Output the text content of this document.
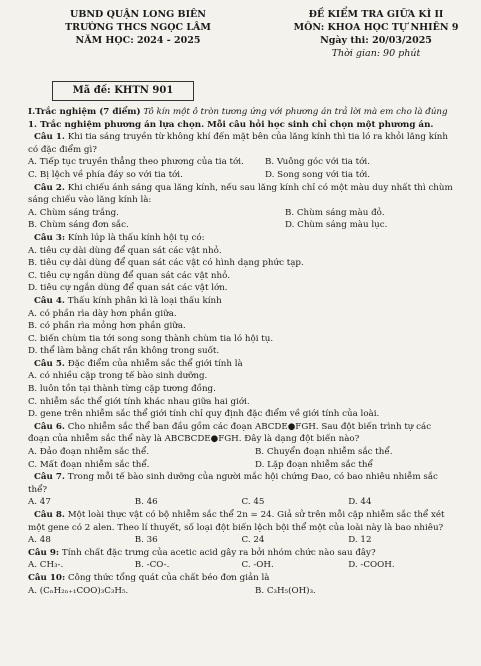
UBND QUẬN LONG BIÊN
TRƯỜNG THCS NGỌC LÂM
NĂM HỌC: 2024 - 2025
ĐỀ KIỂM TRA GIỮA KÌ II
MÔN: KHOA HỌC TỰ NHIÊN 9
Ngày thi: 20/03/2025
Thời gian: 90 phút
Mã đề: KHTN 901
I.Trắc nghiệm (7 điểm) Tô kín một ô tròn tương ứng với phương án trả lời mà em cho là đúng
1. Trắc nghiệm phương án lựa chọn. Mỗi câu hỏi học sinh chỉ chọn một phương án.
Câu 1. Khi tia sáng truyền từ không khí đến mặt bên của lăng kính thì tia ló ra khỏi lăng kính có đặc điểm gì?
A. Tiếp tục truyền thẳng theo phương của tia tới.	B. Vuông góc với tia tới.
C. Bị lệch về phía đáy so với tia tới.	D. Song song với tia tới.
Câu 2. Khi chiếu ánh sáng qua lăng kính, nếu sau lăng kính chỉ có một màu duy nhất thì chùm sáng chiếu vào lăng kính là:
A. Chùm sáng trắng.	B. Chùm sáng màu đỏ.
B. Chùm sáng đơn sắc.	D. Chùm sáng màu lục.
Câu 3: Kính lúp là thấu kính hội tụ có:
A. tiêu cự dài dùng để quan sát các vật nhỏ.
B. tiêu cự dài dùng để quan sát các vật có hình dạng phức tạp.
C. tiêu cự ngắn dùng để quan sát các vật nhỏ.
D. tiêu cự ngắn dùng để quan sát các vật lớn.
Câu 4. Thấu kính phân kì là loại thấu kính
A. có phần rìa dày hơn phần giữa.
B. có phần rìa mỏng hơn phần giữa.
C. biến chùm tia tới song song thành chùm tia ló hội tụ.
D. thể làm bằng chất rắn không trong suốt.
Câu 5. Đặc điểm của nhiễm sắc thể giới tính là
A. có nhiều cặp trong tế bào sinh dưỡng.
B. luôn tồn tại thành từng cặp tương đồng.
C. nhiễm sắc thể giới tính khác nhau giữa hai giới.
D. gene trên nhiễm sắc thể giới tính chỉ quy định đặc điểm về giới tính của loài.
Câu 6. Cho nhiễm sắc thể ban đầu gồm các đoạn ABCDE●FGH. Sau đột biến trình tự các đoạn của nhiễm sắc thể này là ABCBCDE●FGH. Đây là dạng đột biến nào?
A. Đảo đoạn nhiễm sắc thể.	B. Chuyển đoạn nhiễm sắc thể.
C. Mất đoạn nhiễm sắc thể.	D. Lặp đoạn nhiễm sắc thể
Câu 7. Trong mỗi tế bào sinh dưỡng của người mắc hội chứng Đao, có bao nhiêu nhiễm sắc thể?
A. 47	B. 46	C. 45	D. 44
Câu 8. Một loài thực vật có bộ nhiễm sắc thể 2n = 24. Giả sử trên mỗi cặp nhiễm sắc thể xét một gene có 2 alen. Theo lí thuyết, số loại đột biến lệch bội thể một của loài này là bao nhiêu?
A. 48	B. 36	C. 24	D. 12
Câu 9: Tính chất đặc trưng của acetic acid gây ra bởi nhóm chức nào sau đây?
A. CH₃-.	B. -CO-.	C. -OH.	D. -COOH.
Câu 10: Công thức tổng quát của chất béo đơn giản là
A. (CₙH₂ₙ₊₁COO)₃C₃H₅.	B. C₃H₅(OH)₃.
